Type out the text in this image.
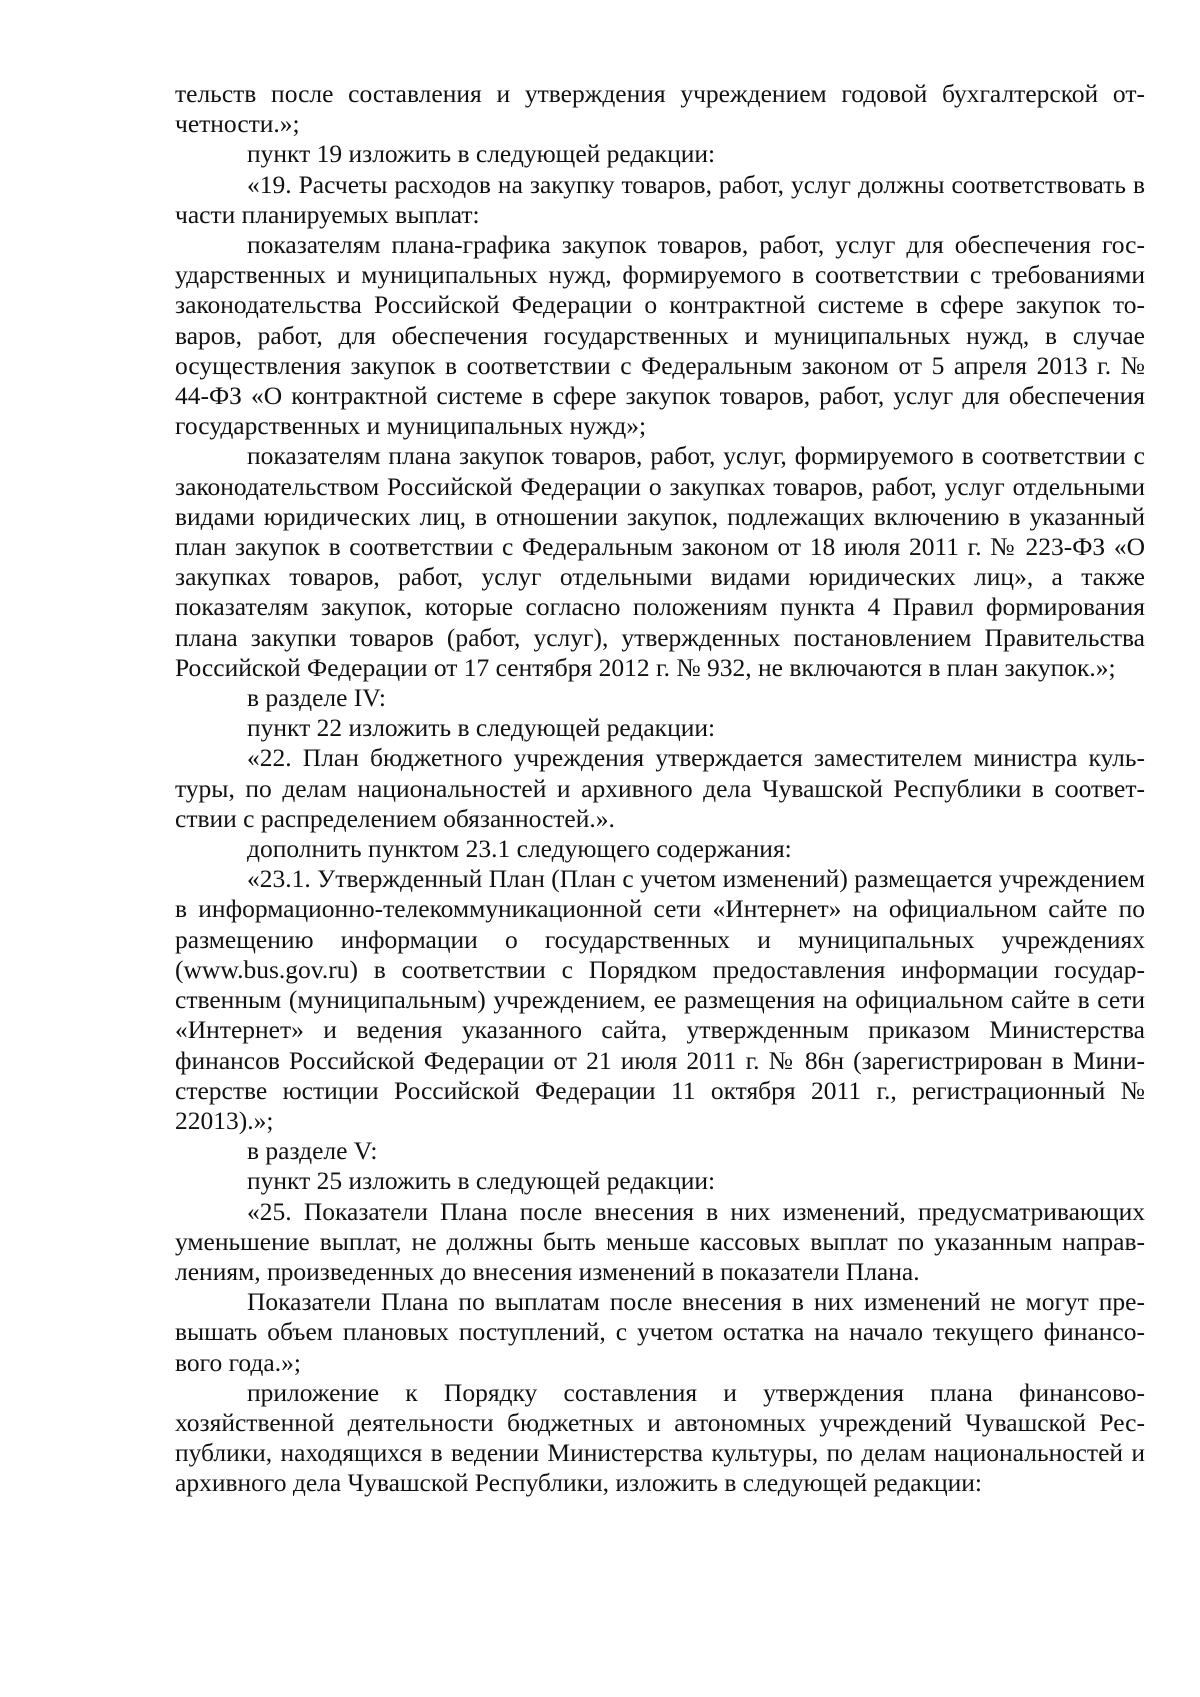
тельств после составления и утверждения учреждением годовой бухгалтерской отчетности.»;

пункт 19 изложить в следующей редакции:

«19. Расчеты расходов на закупку товаров, работ, услуг должны соответствовать в части планируемых выплат:

показателям плана-графика закупок товаров, работ, услуг для обеспечения государственных и муниципальных нужд, формируемого в соответствии с требованиями законодательства Российской Федерации о контрактной системе в сфере закупок товаров, работ, для обеспечения государственных и муниципальных нужд, в случае осуществления закупок в соответствии с Федеральным законом от 5 апреля 2013 г. № 44-ФЗ «О контрактной системе в сфере закупок товаров, работ, услуг для обеспечения государственных и муниципальных нужд»;

показателям плана закупок товаров, работ, услуг, формируемого в соответствии с законодательством Российской Федерации о закупках товаров, работ, услуг отдельными видами юридических лиц, в отношении закупок, подлежащих включению в указанный план закупок в соответствии с Федеральным законом от 18 июля 2011 г. № 223-ФЗ «О закупках товаров, работ, услуг отдельными видами юридических лиц», а также показателям закупок, которые согласно положениям пункта 4 Правил формирования плана закупки товаров (работ, услуг), утвержденных постановлением Правительства Российской Федерации от 17 сентября 2012 г. № 932, не включаются в план закупок.»;

в разделе IV:

пункт 22 изложить в следующей редакции:

«22. План бюджетного учреждения утверждается заместителем министра культуры, по делам национальностей и архивного дела Чувашской Республики в соответствии с распределением обязанностей.».

дополнить пунктом 23.1 следующего содержания:

«23.1. Утвержденный План (План с учетом изменений) размещается учреждением в информационно-телекоммуникационной сети «Интернет» на официальном сайте по размещению информации о государственных и муниципальных учреждениях (www.bus.gov.ru) в соответствии с Порядком предоставления информации государственным (муниципальным) учреждением, ее размещения на официальном сайте в сети «Интернет» и ведения указанного сайта, утвержденным приказом Министерства финансов Российской Федерации от 21 июля 2011 г. № 86н (зарегистрирован в Министерстве юстиции Российской Федерации 11 октября 2011 г., регистрационный № 22013).»;

в разделе V:

пункт 25 изложить в следующей редакции:

«25. Показатели Плана после внесения в них изменений, предусматривающих уменьшение выплат, не должны быть меньше кассовых выплат по указанным направлениям, произведенных до внесения изменений в показатели Плана.

Показатели Плана по выплатам после внесения в них изменений не могут превышать объем плановых поступлений, с учетом остатка на начало текущего финансового года.»;

приложение к Порядку составления и утверждения плана финансово-хозяйственной деятельности бюджетных и автономных учреждений Чувашской Республики, находящихся в ведении Министерства культуры, по делам национальностей и архивного дела Чувашской Республики, изложить в следующей редакции:
